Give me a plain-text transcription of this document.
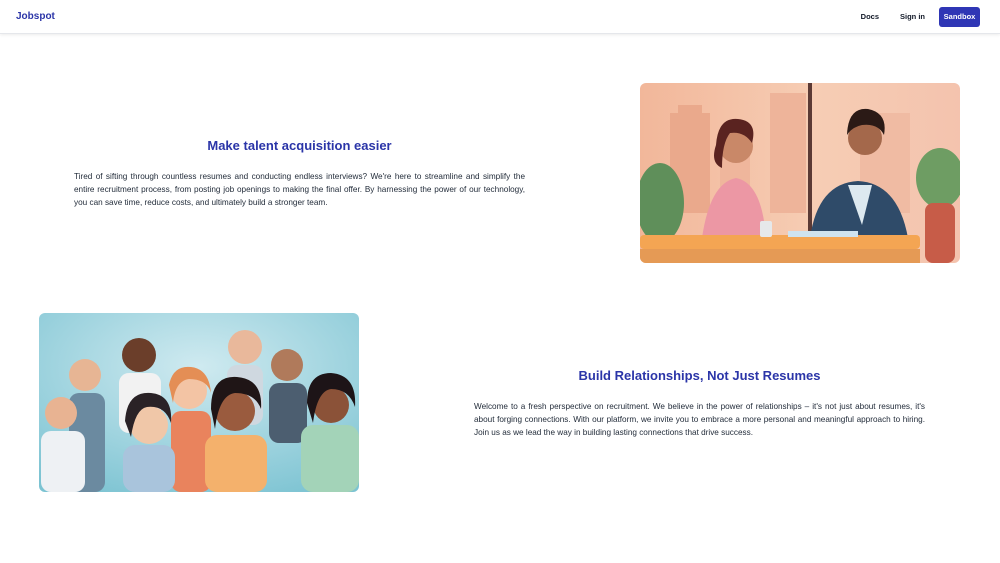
Jobspot	Docs	Sign in	Sandbox
Make talent acquisition easier
Tired of sifting through countless resumes and conducting endless interviews? We're here to streamline and simplify the entire recruitment process, from posting job openings to making the final offer. By harnessing the power of our technology, you can save time, reduce costs, and ultimately build a stronger team.
Build Relationships, Not Just Resumes
Welcome to a fresh perspective on recruitment. We believe in the power of relationships – it's not just about resumes, it's about forging connections. With our platform, we invite you to embrace a more personal and meaningful approach to hiring. Join us as we lead the way in building lasting connections that drive success.
